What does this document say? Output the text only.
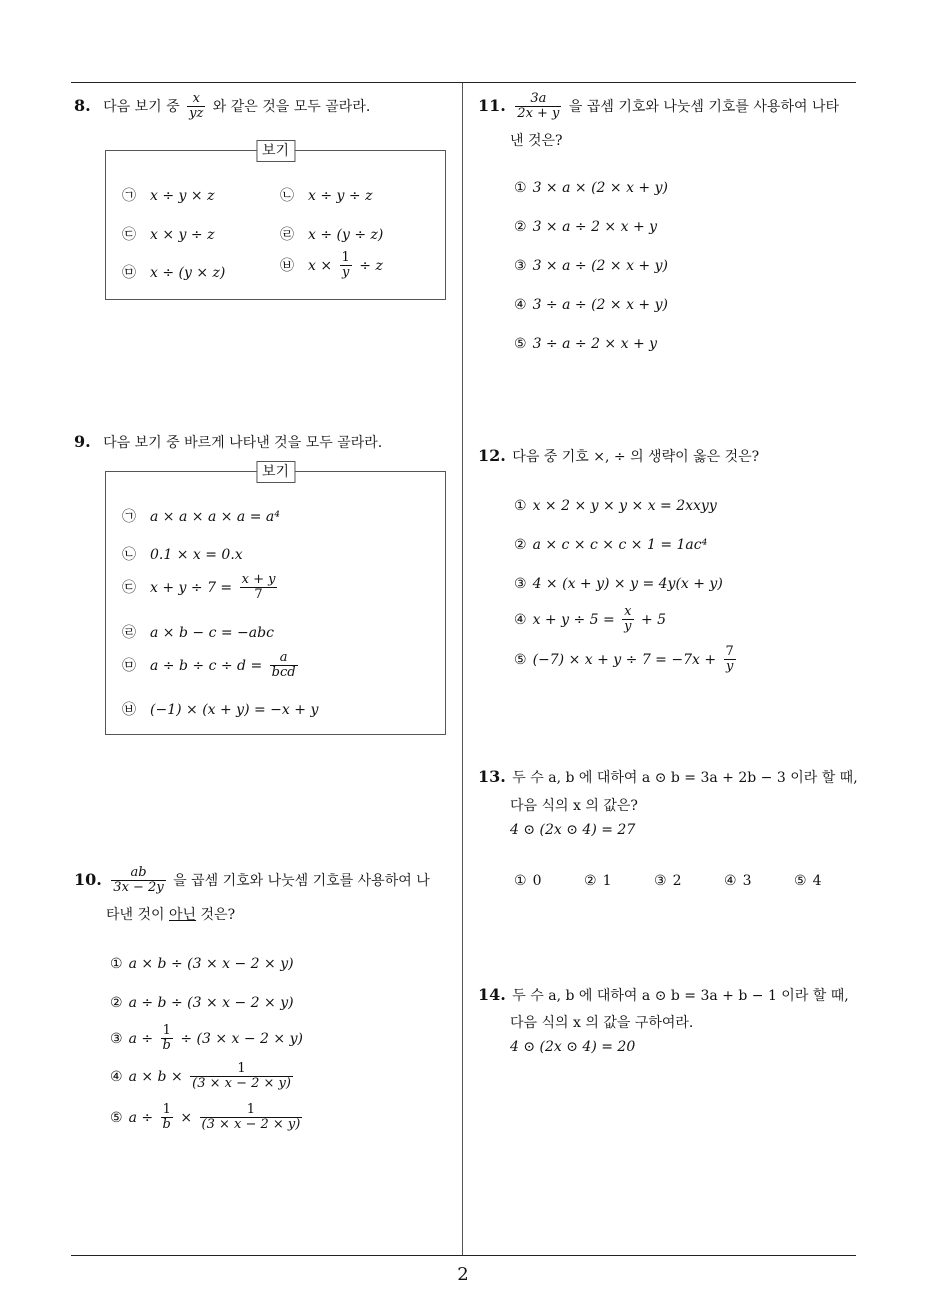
8. 다음 보기 중 $\frac{x}{yz}$ 와 같은 것을 모두 골라라.
보기
㉠ x ÷ y × z	㉡ x ÷ y ÷ z
㉢ x × y ÷ z	㉣ x ÷ (y ÷ z)
㉤ x ÷ (y × z)	㉥ $x \times \frac{1}{y} \div z$
9. 다음 보기 중 바르게 나타낸 것을 모두 골라라.
보기
㉠ a × a × a × a = a⁴
㉡ 0.1 × x = 0.x
㉢ $x + y \div 7 = \frac{x + y}{7}$
㉣ a × b − c = −abc
㉤ $a \div b \div c \div d = \frac{a}{\text{bcd}}$
㉥ (−1) × (x + y) = −x + y
10. $\frac{ab}{3x - 2y}$ 을 곱셈 기호와 나눗셈 기호를 사용하여 나
타낸 것이 아닌 것은?
① a × b ÷ (3 × x − 2 × y)
② a ÷ b ÷ (3 × x − 2 × y)
③ $a \div \frac{1}{b} \div (3 \times x - 2 \times y)$
④ $a \times b \times \frac{1}{(3 \times x - 2 \times y)}$
⑤ $a \div \frac{1}{b} \times \frac{1}{(3 \times x - 2 \times y)}$
11. $\frac{3a}{2x + y}$ 을 곱셈 기호와 나눗셈 기호를 사용하여 나타
낸 것은?
① 3 × a × (2 × x + y)
② 3 × a ÷ 2 × x + y
③ 3 × a ÷ (2 × x + y)
④ 3 ÷ a ÷ (2 × x + y)
⑤ 3 ÷ a ÷ 2 × x + y
12. 다음 중 기호 ×, ÷ 의 생략이 옳은 것은?
① x × 2 × y × y × x = 2xxyy
② a × c × c × c × 1 = 1ac⁴
③ 4 × (x + y) × y = 4y(x + y)
④ $x + y \div 5 = \frac{x}{y} + 5$
⑤ $(-7) \times x + y \div 7 = -7x + \frac{7}{y}$
13. 두 수 a, b 에 대하여 a ⊙ b = 3a + 2b − 3 이라 할 때,
다음 식의 x 의 값은?
4 ⊙ (2x ⊙ 4) = 27
① 0	② 1	③ 2	④ 3	⑤ 4
14. 두 수 a, b 에 대하여 a ⊙ b = 3a + b − 1 이라 할 때,
다음 식의 x 의 값을 구하여라.
4 ⊙ (2x ⊙ 4) = 20
2
